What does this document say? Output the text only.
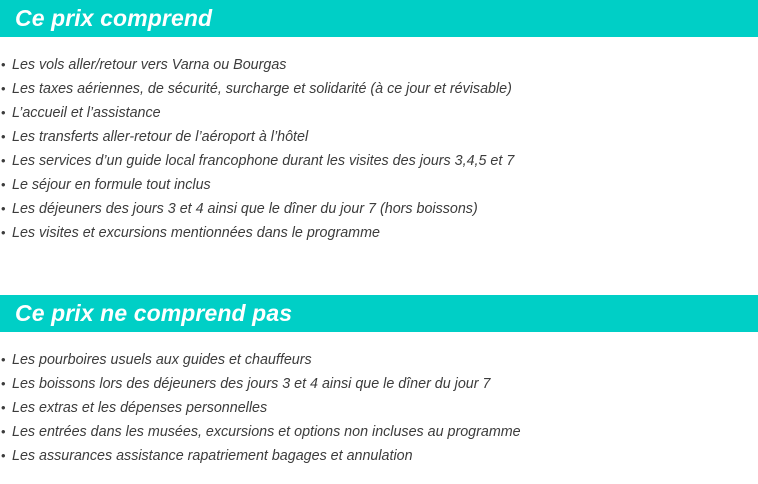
Ce prix comprend
• Les vols aller/retour vers Varna ou Bourgas
• Les taxes aériennes, de sécurité, surcharge et solidarité (à ce jour et révisable)
• L’accueil et l’assistance
• Les transferts aller-retour de l’aéroport à l’hôtel
• Les services d’un guide local francophone durant les visites des jours 3,4,5 et 7
• Le séjour en formule tout inclus
• Les déjeuners des jours 3 et 4 ainsi que le dîner du jour 7 (hors boissons)
• Les visites et excursions mentionnées dans le programme
Ce prix ne comprend pas
• Les pourboires usuels aux guides et chauffeurs
• Les boissons lors des déjeuners des jours 3 et 4 ainsi que le dîner du jour 7
• Les extras et les dépenses personnelles
• Les entrées dans les musées, excursions et options non incluses au programme
• Les assurances assistance rapatriement bagages et annulation
